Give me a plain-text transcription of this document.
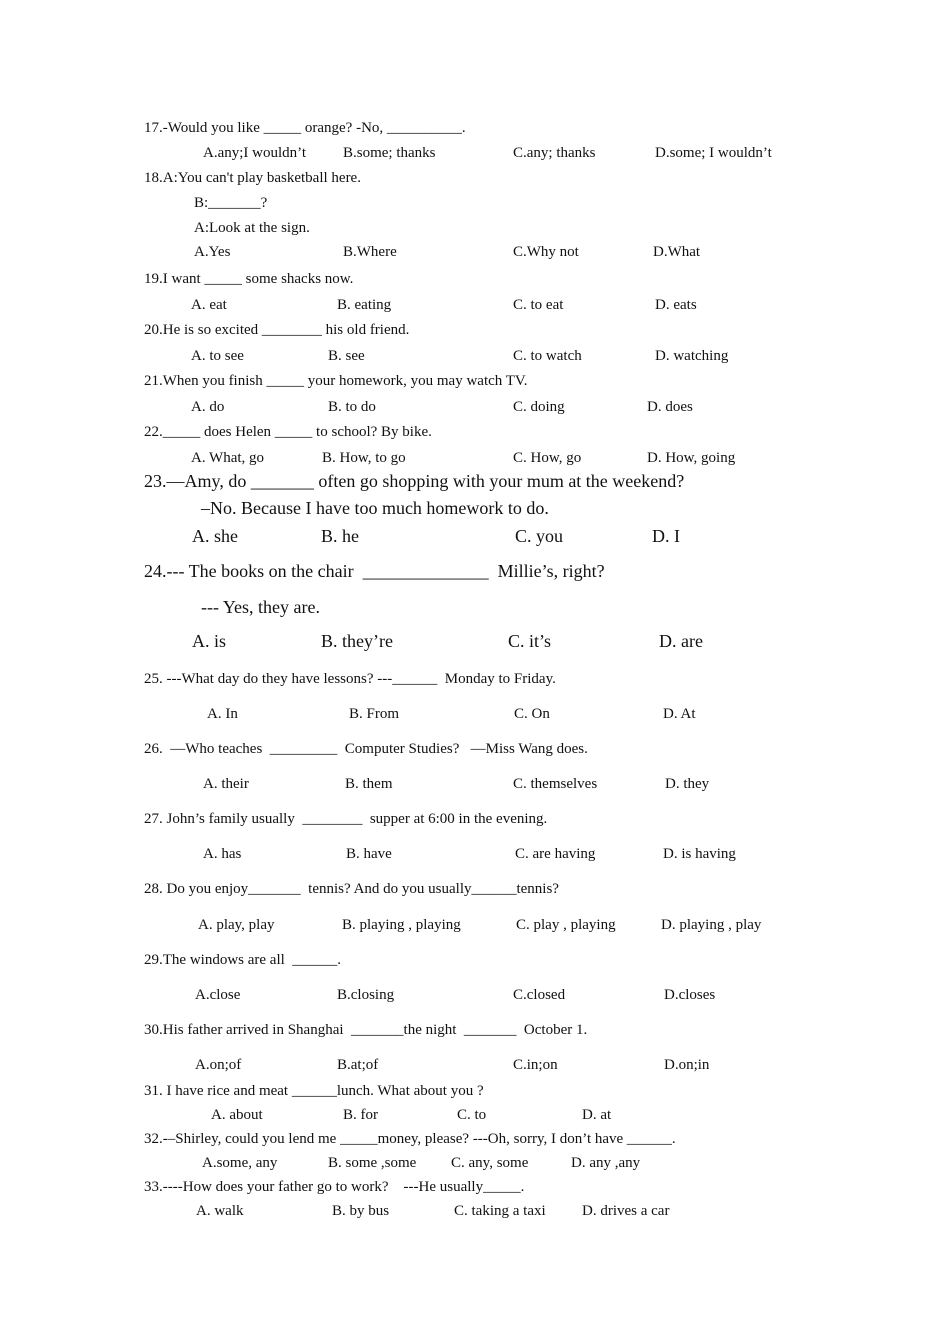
17.-Would you like _____ orange? -No, __________.
A.any;I wouldn’t B.some; thanks	C.any; thanks	D.some; I wouldn’t
18.A:You can't play basketball here.
B:_______?
A:Look at the sign.
A.Yes	B.Where	C.Why not	D.What
19.I want _____ some shacks now.
A. eat	B. eating	C. to eat	D. eats
20.He is so excited ________ his old friend.
A. to see	B. see	C. to watch	D. watching
21.When you finish _____ your homework, you may watch TV.
A. do	B. to do	C. doing	D. does
22._____ does Helen _____ to school? By bike.
A. What, go	B. How, to go	C. How, go	D. How, going
23.—Amy, do _______ often go shopping with your mum at the weekend?
–No. Because I have too much homework to do.
A. she	B. he	C. you	D. I
24.--- The books on the chair  ______________  Millie’s, right?
--- Yes, they are.
A. is	B. they’re	C. it’s	D. are
25. ---What day do they have lessons? ---______  Monday to Friday.
A. In	B. From	C. On	D. At
26.  —Who teaches  _________  Computer Studies?   —Miss Wang does.
A. their	B. them	C. themselves	D. they
27. John’s family usually  ________  supper at 6:00 in the evening.
A. has	B. have	C. are having	D. is having
28. Do you enjoy_______  tennis? And do you usually______tennis?
A. play, play	B. playing , playing	C. play , playing	D. playing , play
29.The windows are all  ______.
A.close	B.closing	C.closed	D.closes
30.His father arrived in Shanghai  _______the night  _______  October 1.
A.on;of	B.at;of	C.in;on	D.on;in
31. I have rice and meat ______lunch. What about you ?
A. about	B. for	C. to	D. at
32.-–Shirley, could you lend me _____money, please? ---Oh, sorry, I don’t have ______.
A.some, any	B. some ,some C. any, some	D. any ,any
33.----How does your father go to work?    ---He usually_____.
A. walk	B. by bus	C. taking a taxi D. drives a car
